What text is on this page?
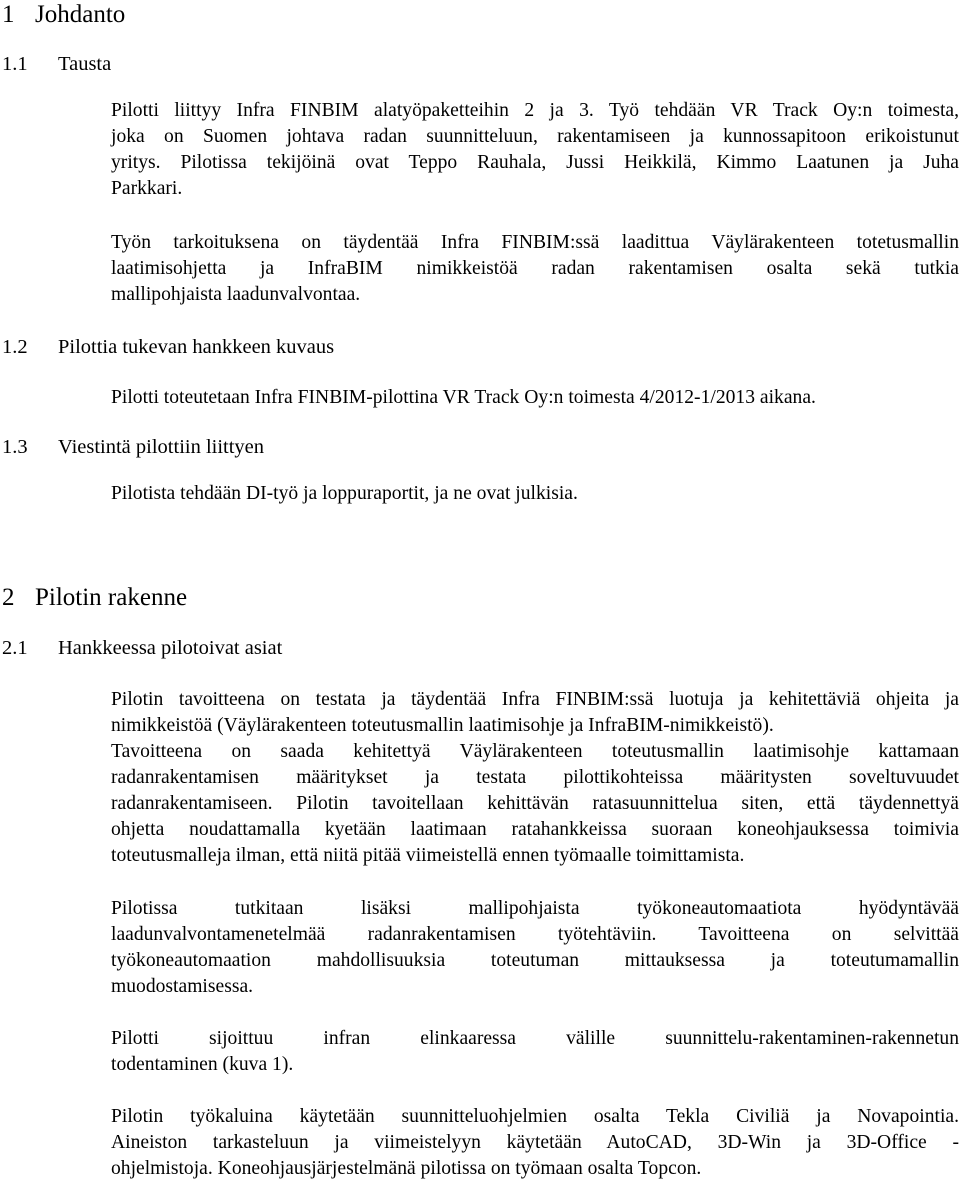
1 Johdanto
1.1 Tausta
Pilotti liittyy Infra FINBIM alatyöpaketteihin 2 ja 3. Työ tehdään VR Track Oy:n toimesta,
joka on Suomen johtava radan suunnitteluun, rakentamiseen ja kunnossapitoon erikoistunut
yritys. Pilotissa tekijöinä ovat Teppo Rauhala, Jussi Heikkilä, Kimmo Laatunen ja Juha
Parkkari.
Työn tarkoituksena on täydentää Infra FINBIM:ssä laadittua Väylärakenteen totetusmallin
laatimisohjetta ja InfraBIM nimikkeistöä radan rakentamisen osalta sekä tutkia
mallipohjaista laadunvalvontaa.
1.2 Pilottia tukevan hankkeen kuvaus
Pilotti toteutetaan Infra FINBIM-pilottina VR Track Oy:n toimesta 4/2012-1/2013 aikana.
1.3 Viestintä pilottiin liittyen
Pilotista tehdään DI-työ ja loppuraportit, ja ne ovat julkisia.
2 Pilotin rakenne
2.1 Hankkeessa pilotoivat asiat
Pilotin tavoitteena on testata ja täydentää Infra FINBIM:ssä luotuja ja kehitettäviä ohjeita ja
nimikkeistöä (Väylärakenteen toteutusmallin laatimisohje ja InfraBIM-nimikkeistö).
Tavoitteena on saada kehitettyä Väylärakenteen toteutusmallin laatimisohje kattamaan
radanrakentamisen määritykset ja testata pilottikohteissa määritysten soveltuvuudet
radanrakentamiseen. Pilotin tavoitellaan kehittävän ratasuunnittelua siten, että täydennettyä
ohjetta noudattamalla kyetään laatimaan ratahankkeissa suoraan koneohjauksessa toimivia
toteutusmalleja ilman, että niitä pitää viimeistellä ennen työmaalle toimittamista.
Pilotissa tutkitaan lisäksi mallipohjaista työkoneautomaatiota hyödyntävää
laadunvalvontamenetelmää radanrakentamisen työtehtäviin. Tavoitteena on selvittää
työkoneautomaation mahdollisuuksia toteutuman mittauksessa ja toteutumamallin
muodostamisessa.
Pilotti sijoittuu infran elinkaaressa välille suunnittelu-rakentaminen-rakennetun
todentaminen (kuva 1).
Pilotin työkaluina käytetään suunnitteluohjelmien osalta Tekla Civiliä ja Novapointia.
Aineiston tarkasteluun ja viimeistelyyn käytetään AutoCAD, 3D-Win ja 3D-Office -
ohjelmistoja. Koneohjausjärjestelmänä pilotissa on työmaan osalta Topcon.
